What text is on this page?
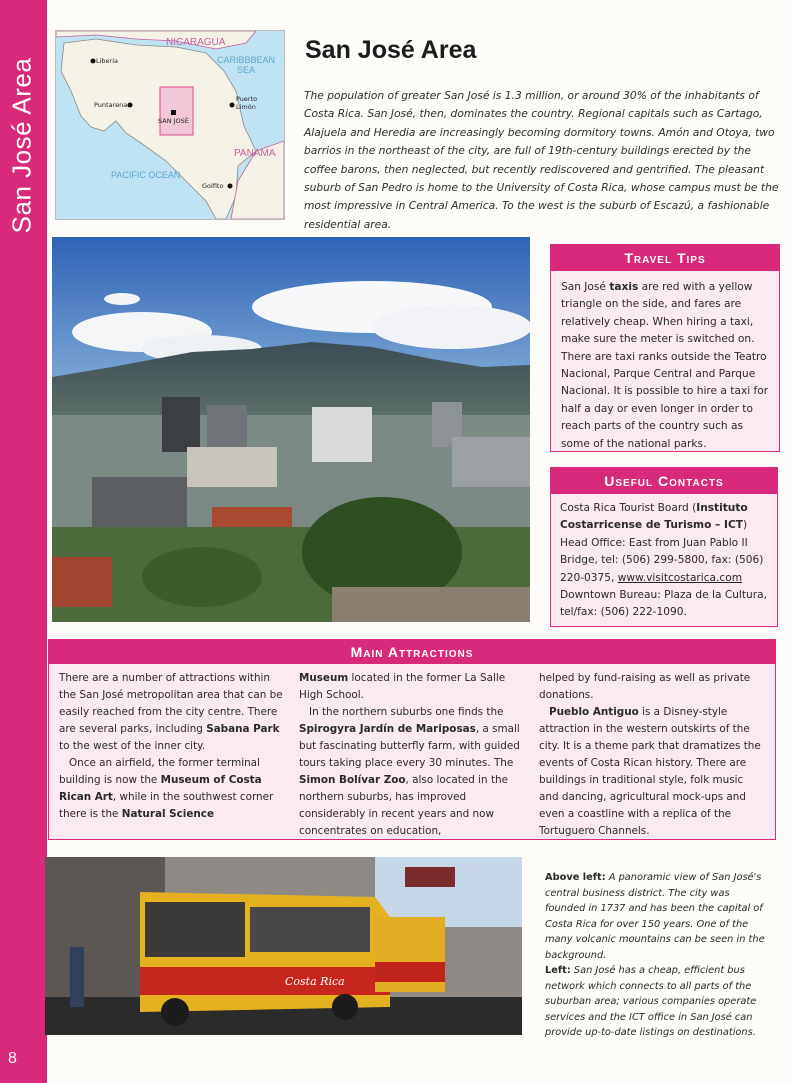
San José Area
8
NICARAGUA
CARIBBBEAN SEA
Liberia
Puntarenas
SAN JOSÉ
Puerto Limón
PANAMA
PACIFIC OCEAN
Golfito
San José Area
The population of greater San José is 1.3 million, or around 30% of the inhabitants of Costa Rica. San José, then, dominates the country. Regional capitals such as Cartago, Alajuela and Heredia are increasingly becoming dormitory towns. Amón and Otoya, two barrios in the northeast of the city, are full of 19th-century buildings erected by the coffee barons, then neglected, but recently rediscovered and gentrified. The pleasant suburb of San Pedro is home to the University of Costa Rica, whose campus must be the most impressive in Central America. To the west is the suburb of Escazú, a fashionable residential area.
Travel Tips
San José taxis are red with a yellow triangle on the side, and fares are relatively cheap. When hiring a taxi, make sure the meter is switched on. There are taxi ranks outside the Teatro Nacional, Parque Central and Parque Nacional. It is possible to hire a taxi for half a day or even longer in order to reach parts of the country such as some of the national parks.
Useful Contacts
Costa Rica Tourist Board (Instituto Costarricense de Turismo – ICT)
Head Office: East from Juan Pablo II Bridge, tel: (506) 299-5800, fax: (506) 220-0375, www.visitcostarica.com
Downtown Bureau: Plaza de la Cultura, tel/fax: (506) 222-1090.
Main Attractions

There are a number of attractions within the San José metropolitan area that can be easily reached from the city centre. There are several parks, including Sabana Park to the west of the inner city.

Once an airfield, the former terminal building is now the Museum of Costa Rican Art, while in the southwest corner there is the Natural Science

Museum located in the former La Salle High School.

In the northern suburbs one finds the Spirogyra Jardín de Mariposas, a small but fascinating butterfly farm, with guided tours taking place every 30 minutes. The Simon Bolívar Zoo, also located in the northern suburbs, has improved considerably in recent years and now concentrates on education,

helped by fund-raising as well as private donations.

Pueblo Antiguo is a Disney-style attraction in the western outskirts of the city. It is a theme park that dramatizes the events of Costa Rican history. There are buildings in traditional style, folk music and dancing, agricultural mock-ups and even a coastline with a replica of the Tortuguero Channels.

Costa Rica

Above left: A panoramic view of San José's central business district. The city was founded in 1737 and has been the capital of Costa Rica for over 150 years. One of the many volcanic mountains can be seen in the background.

Left: San José has a cheap, efficient bus network which connects to all parts of the suburban area; various companies operate services and the ICT office in San José can provide up-to-date listings on destinations.
